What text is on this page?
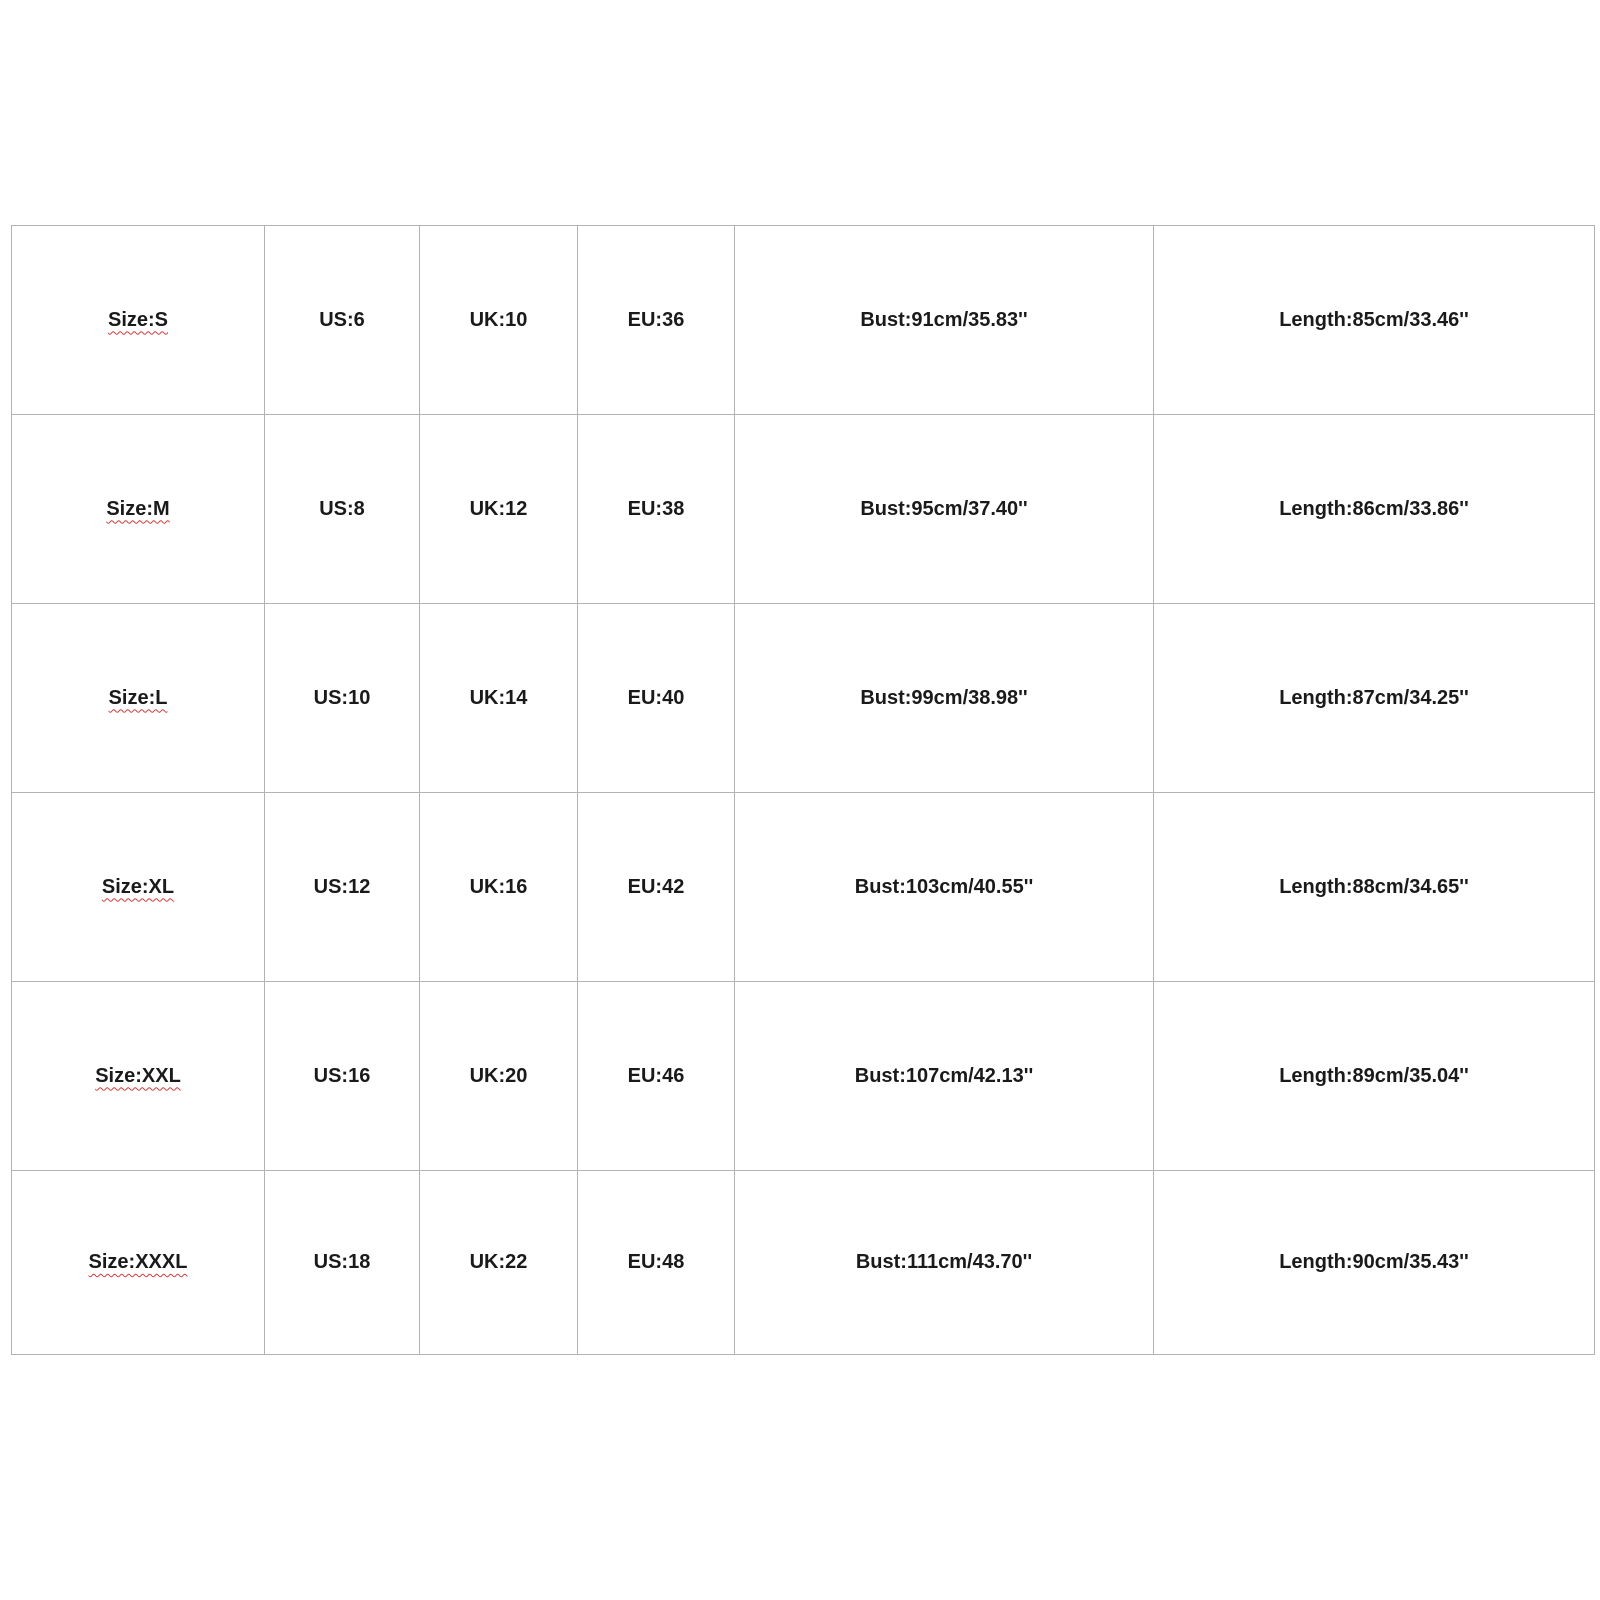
Size:S	US:6	UK:10	EU:36	Bust:91cm/35.83''	Length:85cm/33.46''
Size:M	US:8	UK:12	EU:38	Bust:95cm/37.40''	Length:86cm/33.86''
Size:L	US:10	UK:14	EU:40	Bust:99cm/38.98''	Length:87cm/34.25''
Size:XL	US:12	UK:16	EU:42	Bust:103cm/40.55''	Length:88cm/34.65''
Size:XXL	US:16	UK:20	EU:46	Bust:107cm/42.13''	Length:89cm/35.04''
Size:XXXL	US:18	UK:22	EU:48	Bust:111cm/43.70''	Length:90cm/35.43''
